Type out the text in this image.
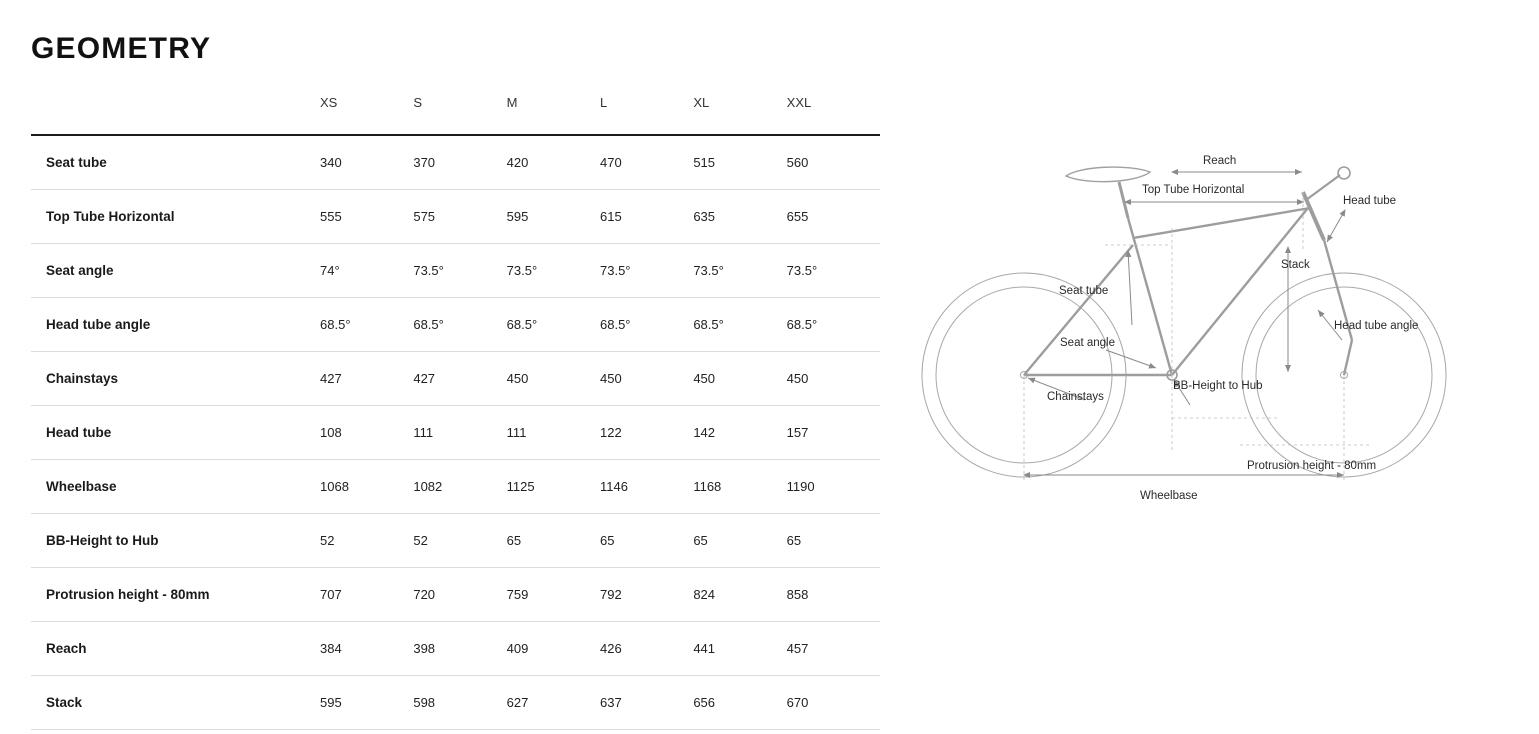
GEOMETRY
	XS	S	M	L	XL	XXL
Seat tube	340	370	420	470	515	560
Top Tube Horizontal	555	575	595	615	635	655
Seat angle	74°	73.5°	73.5°	73.5°	73.5°	73.5°
Head tube angle	68.5°	68.5°	68.5°	68.5°	68.5°	68.5°
Chainstays	427	427	450	450	450	450
Head tube	108	111	111	122	142	157
Wheelbase	1068	1082	1125	1146	1168	1190
BB-Height to Hub	52	52	65	65	65	65
Protrusion height - 80mm	707	720	759	792	824	858
Reach	384	398	409	426	441	457
Stack	595	598	627	637	656	670
Reach
Top Tube Horizontal
Head tube
Stack
Seat tube
Seat angle
Head tube angle
Chainstays
BB-Height to Hub
Protrusion height - 80mm
Wheelbase
